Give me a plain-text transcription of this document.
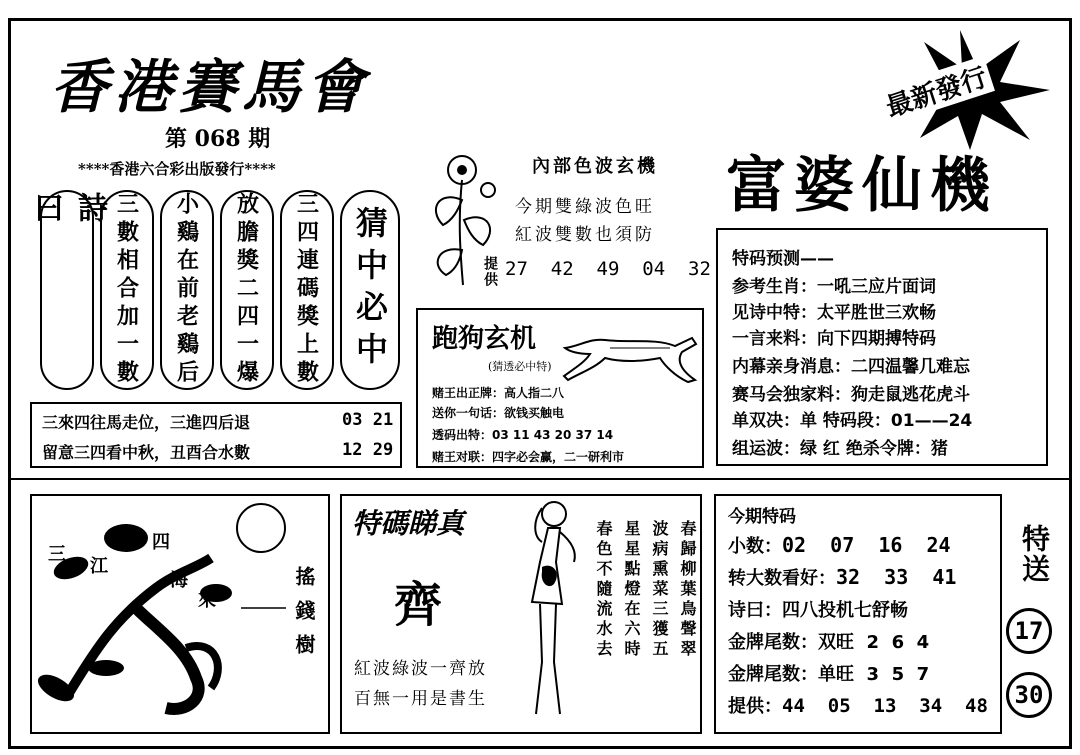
香港賽馬會
第 068 期
****香港六合彩出版發行****
詩 曰	三數相合加一數 小鷄在前老鷄后 放膽獎二四一爆 三四連碼獎上數 猜中必中
三來四往馬走位，三進四后退	03 21
留意三四看中秋，丑酉合水數	12 29
內部色波玄機
今期雙綠波色旺
紅波雙數也須防
提供 27  42  49  04  32
跑狗玄机
(猜透必中特)
赌王出正牌：高人指二八
送你一句话：欲钱买触电
透码出特：03 11 43 20 37 14
赌王对联：四字必会赢，二一研利市
最新發行
富婆仙機
特码预测——
参考生肖：一吼三应片面词
见诗中特：太平胜世三欢畅
一言来料：向下四期搏特码
内幕亲身消息：二四温馨几难忘
赛马会独家料：狗走鼠逃花虎斗
单双决：单 特码段：01——24
组运波：绿 红 绝杀令牌：猪
三
江
四
海
來	搖錢樹
特碼睇真
齊	春歸柳葉鳥聲翠
波病熏菜三獲五
星星點燈在六時
春色不隨流水去
紅波綠波一齊放
百無一用是書生
今期特码
小数：02  07  16  24
转大数看好：32  33  41
诗曰：四八投机七舒畅
金牌尾数：双旺  2  6  4
金牌尾数：单旺  3  5  7
提供：44  05  13  34  48
特送
17
30
